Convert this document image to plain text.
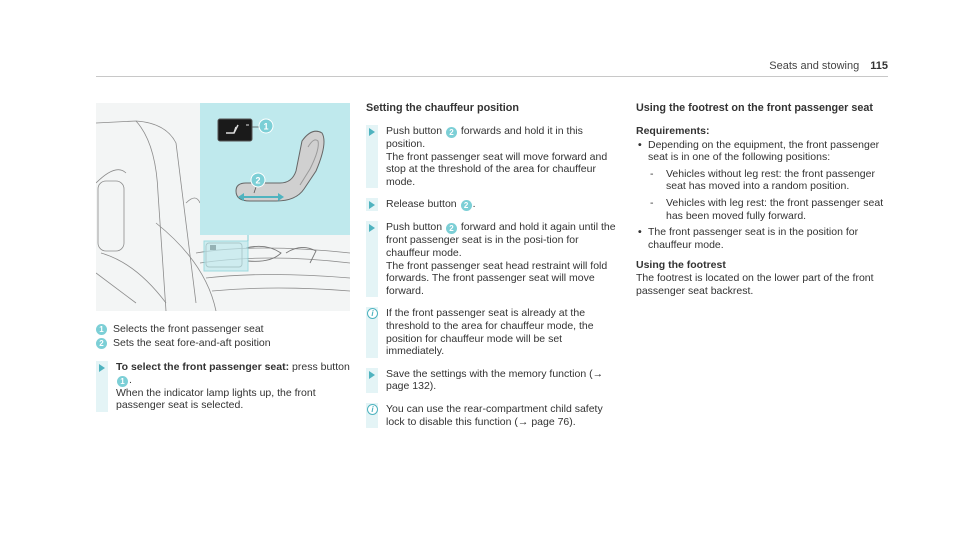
Seats and stowing 115
1
2
1 Selects the front passenger seat
2 Sets the seat fore-and-aft position
To select the front passenger seat: press button
1 .
When the indicator lamp lights up, the front passenger seat is selected.
Setting the chauffeur position
Push button 2 forwards and hold it in this position.
The front passenger seat will move forward and stop at the threshold of the area for chauffeur mode.
Release button 2 .
Push button 2 forward and hold it again until the front passenger seat is in the posi-tion for chauffeur mode.
The front passenger seat head restraint will fold forwards. The front passenger seat will move forward.
i	If the front passenger seat is already at the threshold to the area for chauffeur mode, the position for chauffeur mode will be set immediately.
Save the settings with the memory function (→ page 132).
i	You can use the rear-compartment child safety lock to disable this function (→ page 76).
Using the footrest on the front passenger seat
Requirements:
• Depending on the equipment, the front passenger seat is in one of the following positions:
- Vehicles without leg rest: the front passenger seat has moved into a random position.
- Vehicles with leg rest: the front passenger seat has been moved fully forward.
• The front passenger seat is in the position for chauffeur mode.
Using the footrest
The footrest is located on the lower part of the front passenger seat backrest.
